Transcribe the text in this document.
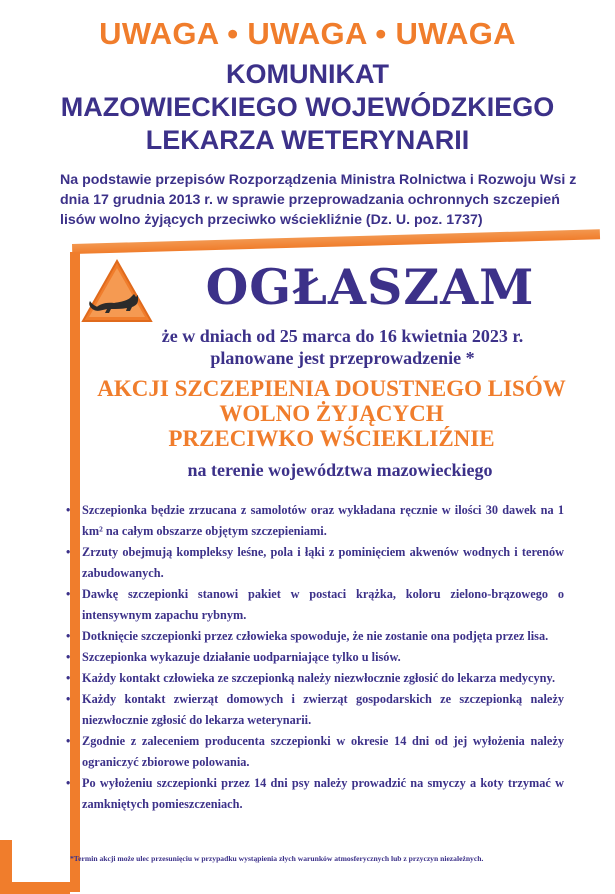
UWAGA • UWAGA • UWAGA
KOMUNIKAT
MAZOWIECKIEGO WOJEWÓDZKIEGO
LEKARZA WETERYNARII
Na podstawie przepisów Rozporządzenia Ministra Rolnictwa i Rozwoju Wsi z dnia 17 grudnia 2013 r. w sprawie przeprowadzania ochronnych szczepień lisów wolno żyjących przeciwko wściekliźnie (Dz. U. poz. 1737)
OGŁASZAM
że w dniach od 25 marca do 16 kwietnia 2023 r.
planowane jest przeprowadzenie *
AKCJI SZCZEPIENIA DOUSTNEGO LISÓW
WOLNO ŻYJĄCYCH
PRZECIWKO WŚCIEKLIŹNIE
na terenie województwa mazowieckiego
• Szczepionka będzie zrzucana z samolotów oraz wykładana ręcznie w ilości 30 dawek na 1 km² na całym obszarze objętym szczepieniami.
• Zrzuty obejmują kompleksy leśne, pola i łąki z pominięciem akwenów wodnych i terenów zabudowanych.
• Dawkę szczepionki stanowi pakiet w postaci krążka, koloru zielono-brązowego o intensywnym zapachu rybnym.
• Dotknięcie szczepionki przez człowieka spowoduje, że nie zostanie ona podjęta przez lisa.
• Szczepionka wykazuje działanie uodparniające tylko u lisów.
• Każdy kontakt człowieka ze szczepionką należy niezwłocznie zgłosić do lekarza medycyny.
• Każdy kontakt zwierząt domowych i zwierząt gospodarskich ze szczepionką należy niezwłocznie zgłosić do lekarza weterynarii.
• Zgodnie z zaleceniem producenta szczepionki w okresie 14 dni od jej wyłożenia należy ograniczyć zbiorowe polowania.
• Po wyłożeniu szczepionki przez 14 dni psy należy prowadzić na smyczy a koty trzymać w zamkniętych pomieszczeniach.
*Termin akcji może ulec przesunięciu w przypadku wystąpienia złych warunków atmosferycznych lub z przyczyn niezależnych.
